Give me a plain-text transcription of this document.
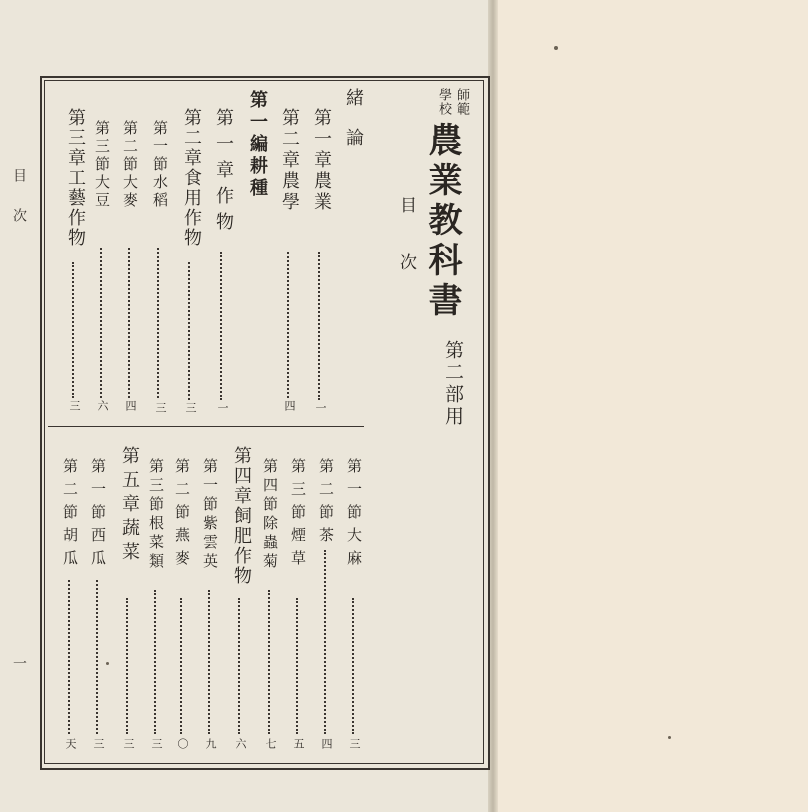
目次
一
師範
學校
農業教科書
第二部用
目次
緒論
第一章農業
一
第二章農學
四
第一編耕種
第一章作物
一
第二章食用作物
三
第一節水稻
三
第二節大麥
四
第三節大豆
六
第三章工藝作物
三
第一節大麻
三
第二節茶
四
第三節煙草
五
第四節除蟲菊
七
第四章飼肥作物
六
第一節紫雲英
九
第二節燕麥
〇
第三節根菜類
三
第五章蔬菜
三
第一節西瓜
三
第二節胡瓜
天
